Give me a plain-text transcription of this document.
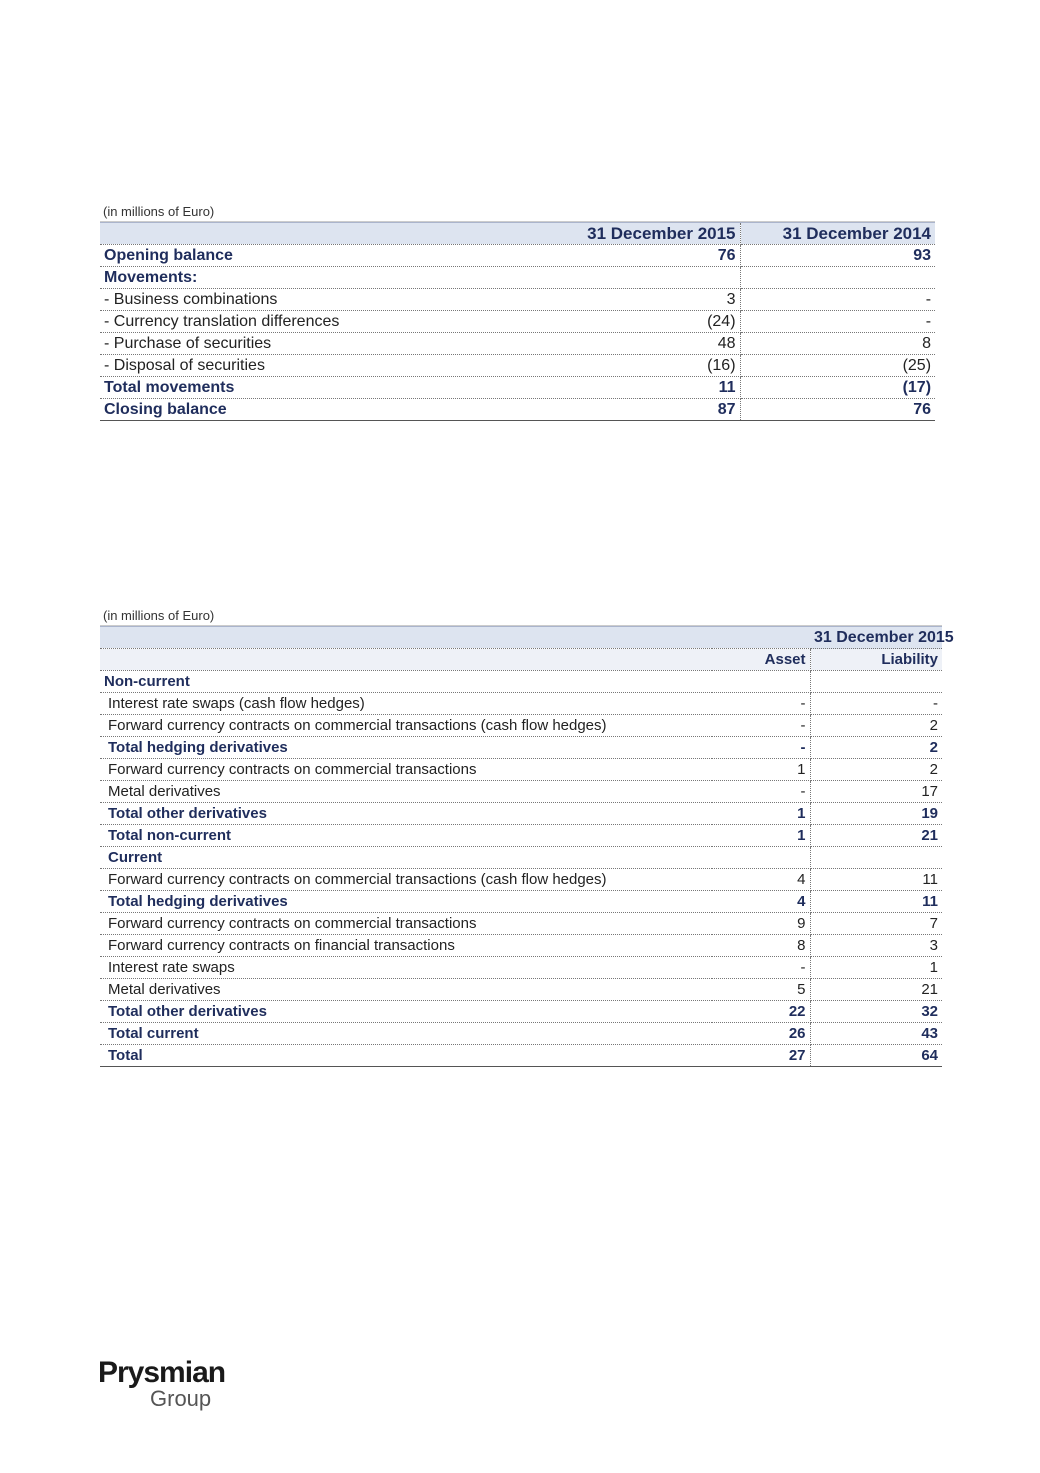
(in millions of Euro)
31 December 2015		31 December 2014
Opening balance	76	93
Movements:		
- Business combinations	3	-
- Currency translation differences	(24)	-
- Purchase of securities	48	8
- Disposal of securities	(16)	(25)
Total movements	11	(17)
Closing balance	87	76
(in millions of Euro)
		31 December 2015
	Asset	Liability
Non-current		
Interest rate swaps (cash flow hedges)	-	-
Forward currency contracts on commercial transactions (cash flow hedges)	-	2
Total hedging derivatives	-	2
Forward currency contracts on commercial transactions	1	2
Metal derivatives	-	17
Total other derivatives	1	19
Total non-current	1	21
Current		
Forward currency contracts on commercial transactions (cash flow hedges)	4	11
Total hedging derivatives	4	11
Forward currency contracts on commercial transactions	9	7
Forward currency contracts on financial transactions	8	3
Interest rate swaps	-	1
Metal derivatives	5	21
Total other derivatives	22	32
Total current	26	43
Total	27	64
Prysmian
Group
